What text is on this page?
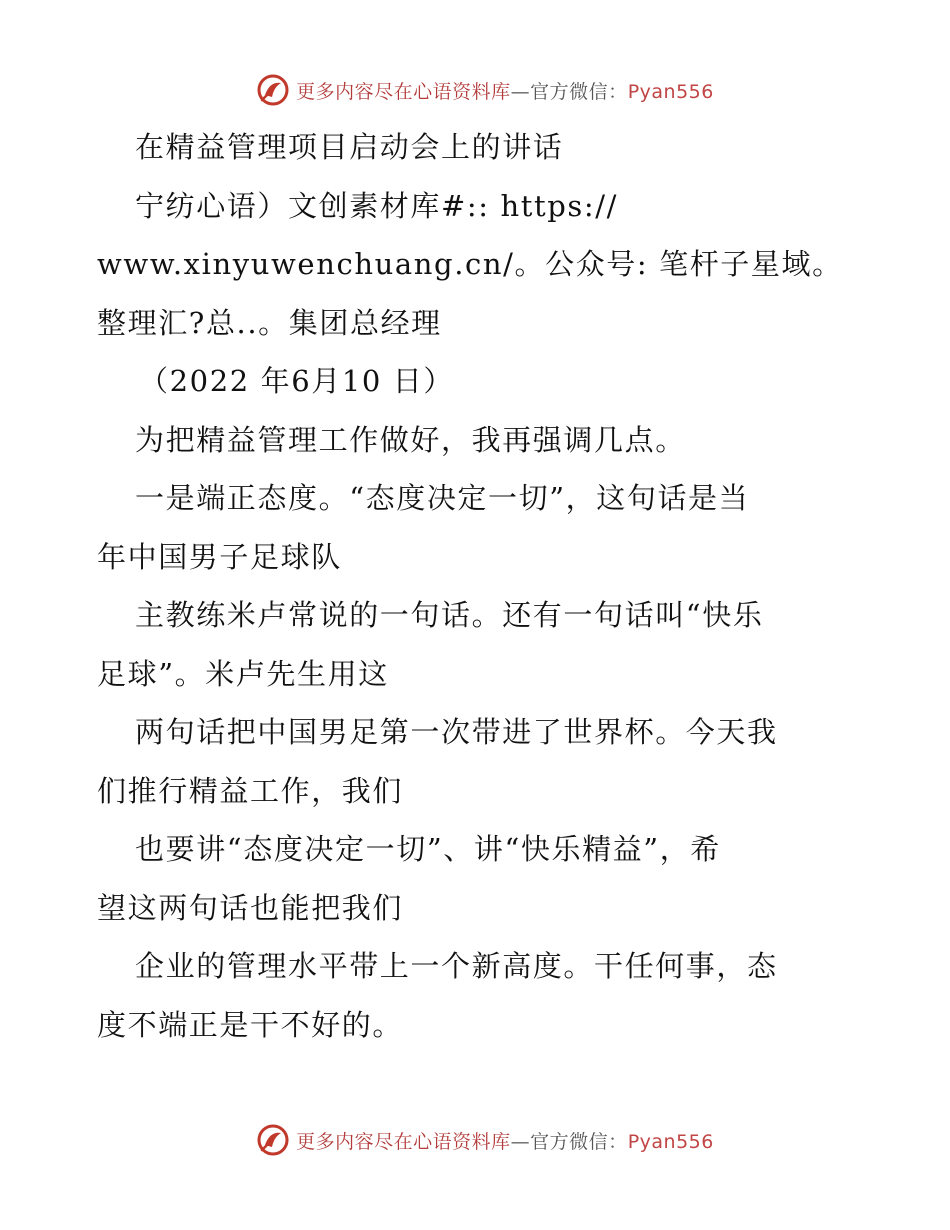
更多内容尽在心语资料库—官方微信：Pyan556
在精益管理项目启动会上的讲话
宁纺心语）文创素材库#:: https://
www.xinyuwenchuang.cn/。公众号: 笔杆子星域。
整理汇?总..。集团总经理
（2022 年6月10 日）
为把精益管理工作做好，我再强调几点。
一是端正态度。“态度决定一切”，这句话是当
年中国男子足球队
主教练米卢常说的一句话。还有一句话叫“快乐
足球”。米卢先生用这
两句话把中国男足第一次带进了世界杯。今天我
们推行精益工作，我们
也要讲“态度决定一切”、讲“快乐精益”，希
望这两句话也能把我们
企业的管理水平带上一个新高度。干任何事，态
度不端正是干不好的。
更多内容尽在心语资料库—官方微信：Pyan556
